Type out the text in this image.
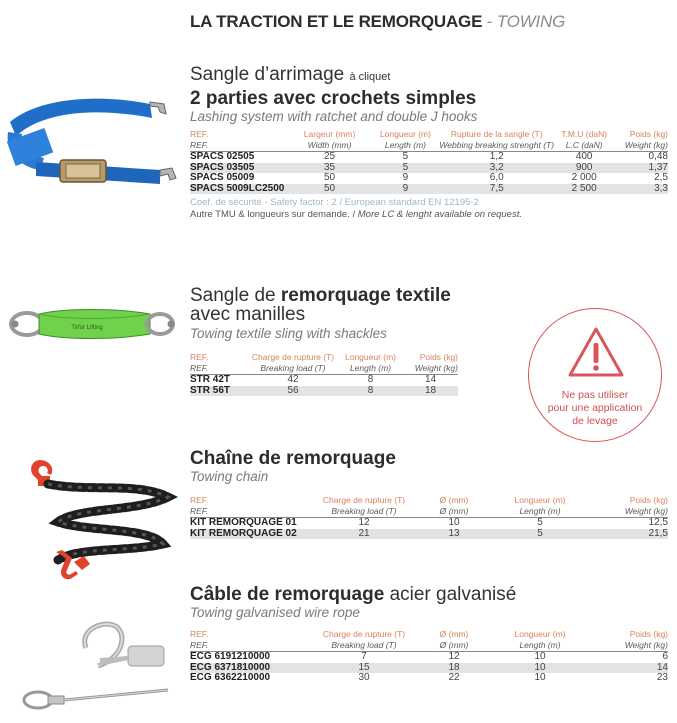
LA TRACTION ET LE REMORQUAGE - TOWING
Sangle d’arrimage à cliquet
2 parties avec crochets simples
Lashing system with ratchet and double J hooks
REF.	Largeur (mm)	Longueur (m)	Rupture de la sangle (T)	T.M.U (daN)	Poids (kg)
REF.	Width (mm)	Length (m)	Webbing breaking strenght (T)	L.C (daN)	Weight (kg)
SPACS 02505	25	5	1,2	400	0,48
SPACS 03505	35	5	3,2	900	1,37
SPACS 05009	50	9	6,0	2 000	2,5
SPACS 5009LC2500	50	9	7,5	2 500	3,3
Coef. de sécurité - Safety factor : 2 / European standard EN 12195-2
Autre TMU & longueurs sur demande. / More LC & lenght available on request.
Tirfor Lifting
Sangle de remorquage textile
avec manilles
Towing textile sling with shackles
REF.	Charge de rupture (T)	Longueur (m)	Poids (kg)
REF.	Breaking load (T)	Length (m)	Weight (kg)
STR 42T	42	8	14
STR 56T	56	8	18	Ne pas utiliser
pour une application
de levage
Chaîne de remorquage
Towing chain
REF.	Charge de rupture (T)	Ø (mm)	Longueur (m)	Poids (kg)
REF.	Breaking load (T)	Ø (mm)	Length (m)	Weight (kg)
KIT REMORQUAGE 01	12	10	5	12,5
KIT REMORQUAGE 02	21	13	5	21,5
Câble de remorquage acier galvanisé
Towing galvanised wire rope
REF.	Charge de rupture (T)	Ø (mm)	Longueur (m)	Poids (kg)
REF.	Breaking load (T)	Ø (mm)	Length (m)	Weight (kg)
ECG 6191210000	7	12	10	6
ECG 6371810000	15	18	10	14
ECG 6362210000	30	22	10	23
